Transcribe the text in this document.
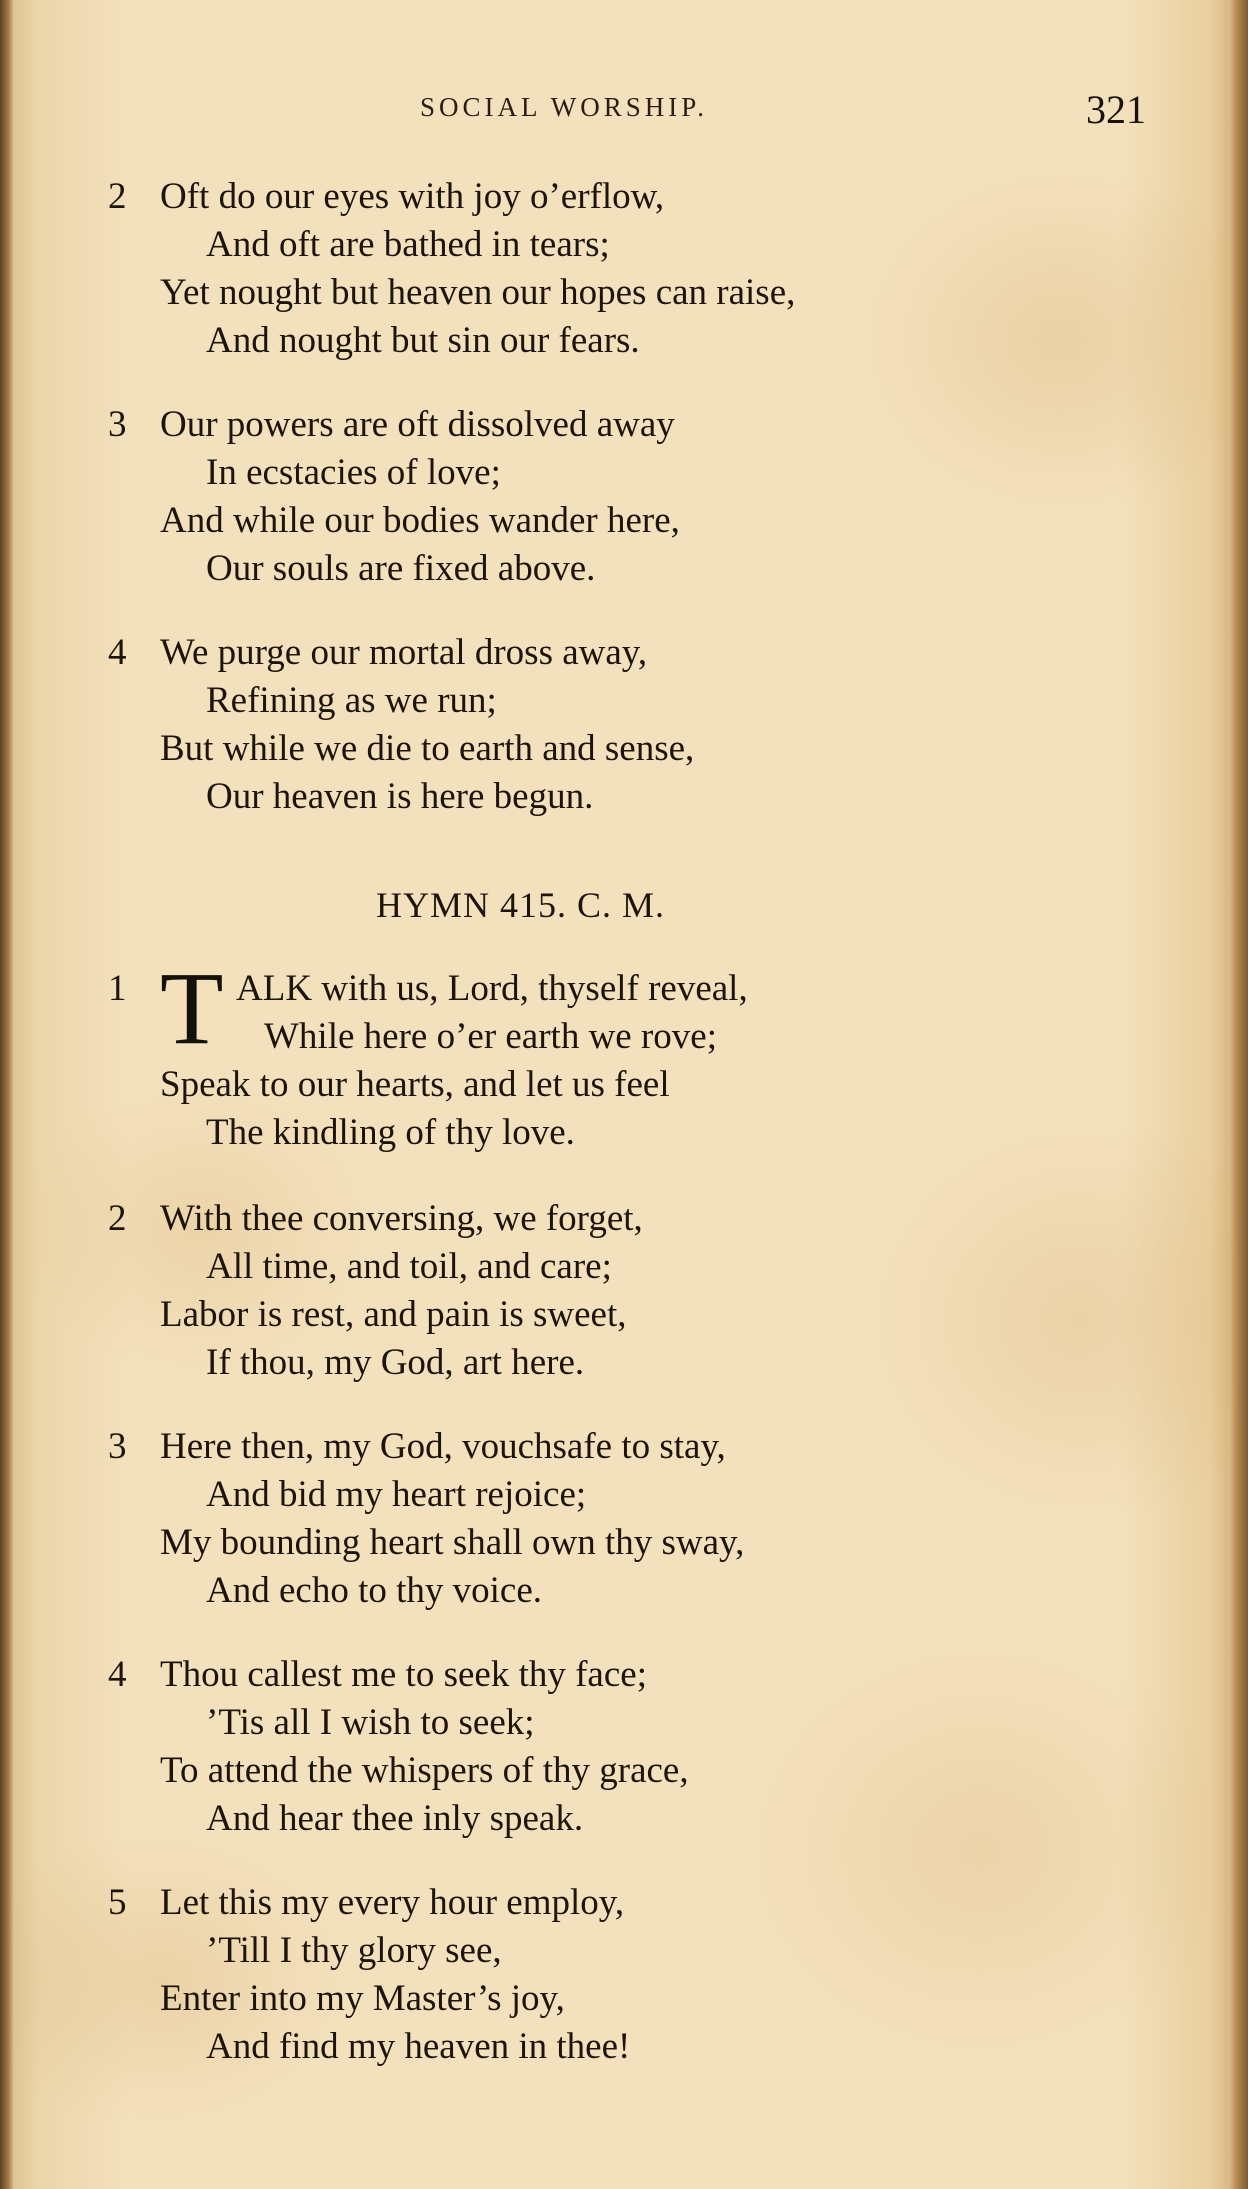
SOCIAL WORSHIP.	321
2 Oft do our eyes with joy o’erflow,
And oft are bathed in tears;
Yet nought but heaven our hopes can raise,
And nought but sin our fears.
3 Our powers are oft dissolved away
In ecstacies of love;
And while our bodies wander here,
Our souls are fixed above.
4 We purge our mortal dross away,
Refining as we run;
But while we die to earth and sense,
Our heaven is here begun.
HYMN 415. C. M.
1 T ALK with us, Lord, thyself reveal,
While here o’er earth we rove;
Speak to our hearts, and let us feel
The kindling of thy love.
2 With thee conversing, we forget,
All time, and toil, and care;
Labor is rest, and pain is sweet,
If thou, my God, art here.
3 Here then, my God, vouchsafe to stay,
And bid my heart rejoice;
My bounding heart shall own thy sway,
And echo to thy voice.
4 Thou callest me to seek thy face;
’Tis all I wish to seek;
To attend the whispers of thy grace,
And hear thee inly speak.
5 Let this my every hour employ,
’Till I thy glory see,
Enter into my Master’s joy,
And find my heaven in thee!
